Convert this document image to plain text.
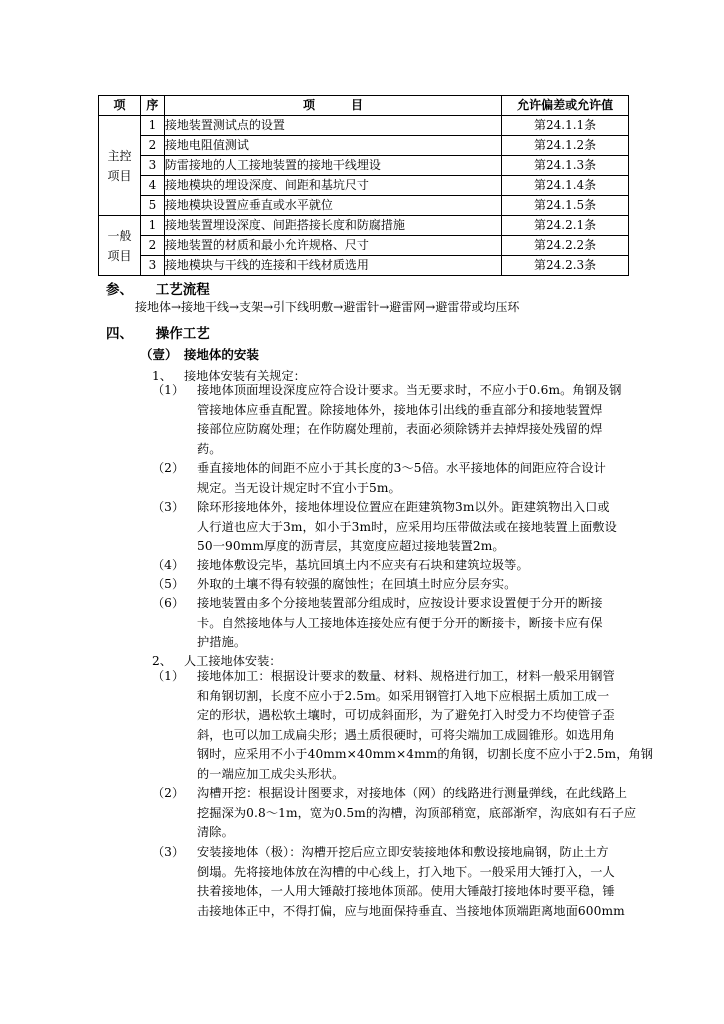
项	序	项　　　目	允许偏差或允许值

主控
项目	1	接地装置测试点的设置	第24.1.1条
	2	接地电阻值测试	第24.1.2条
	3	防雷接地的人工接地装置的接地干线埋设	第24.1.3条
	4	接地模块的埋设深度、间距和基坑尺寸	第24.1.4条
	5	接地模块设置应垂直或水平就位	第24.1.5条

一般
项目	1	接地装置埋设深度、间距搭接长度和防腐措施	第24.2.1条
	2	接地装置的材质和最小允许规格、尺寸	第24.2.2条
	3	接地模块与干线的连接和干线材质选用	第24.2.3条
参、 工艺流程
接地体→接地干线→支架→引下线明敷→避雷针→避雷网→避雷带或均压环
四、 操作工艺
（壹） 接地体的安装
1、 接地体安装有关规定：
（1） 接地体顶面埋设深度应符合设计要求。当无要求时，不应小于0.6m。角钢及钢
管接地体应垂直配置。除接地体外，接地体引出线的垂直部分和接地装置焊
接部位应防腐处理；在作防腐处理前，表面必须除锈并去掉焊接处残留的焊
药。
（2） 垂直接地体的间距不应小于其长度的3～5倍。水平接地体的间距应符合设计
规定。当无设计规定时不宜小于5m。
（3） 除环形接地体外，接地体埋设位置应在距建筑物3m以外。距建筑物出入口或
人行道也应大于3m，如小于3m时，应采用均压带做法或在接地装置上面敷设
50一90mm厚度的沥青层，其宽度应超过接地装置2m。
（4） 接地体敷设完毕，基坑回填土内不应夹有石块和建筑垃圾等。
（5） 外取的土壤不得有较强的腐蚀性；在回填土时应分层夯实。
（6） 接地装置由多个分接地装置部分组成时，应按设计要求设置便于分开的断接
卡。自然接地体与人工接地体连接处应有便于分开的断接卡，断接卡应有保
护措施。
2、 人工接地体安装：
（1） 接地体加工：根据设计要求的数量、材料、规格进行加工，材料一般采用钢管
和角钢切割，长度不应小于2.5m。如采用钢管打入地下应根据土质加工成一
定的形状，遇松软土壤时，可切成斜面形，为了避免打入时受力不均使管子歪
斜，也可以加工成扁尖形；遇土质很硬时，可将尖端加工成圆锥形。如选用角
钢时，应采用不小于40mm×40mm×4mm的角钢，切割长度不应小于2.5m，角钢
的一端应加工成尖头形状。
（2） 沟槽开挖：根据设计图要求，对接地体（网）的线路进行测量弹线，在此线路上
挖掘深为0.8～1m，宽为0.5m的沟槽，沟顶部稍宽，底部渐窄，沟底如有石子应
清除。
（3） 安装接地体（极）：沟槽开挖后应立即安装接地体和敷设接地扁钢，防止土方
倒塌。先将接地体放在沟槽的中心线上，打入地下。一般采用大锤打入，一人
扶着接地体，一人用大锤敲打接地体顶部。使用大锤敲打接地体时要平稳，锤
击接地体正中，不得打偏，应与地面保持垂直、当接地体顶端距离地面600mm
